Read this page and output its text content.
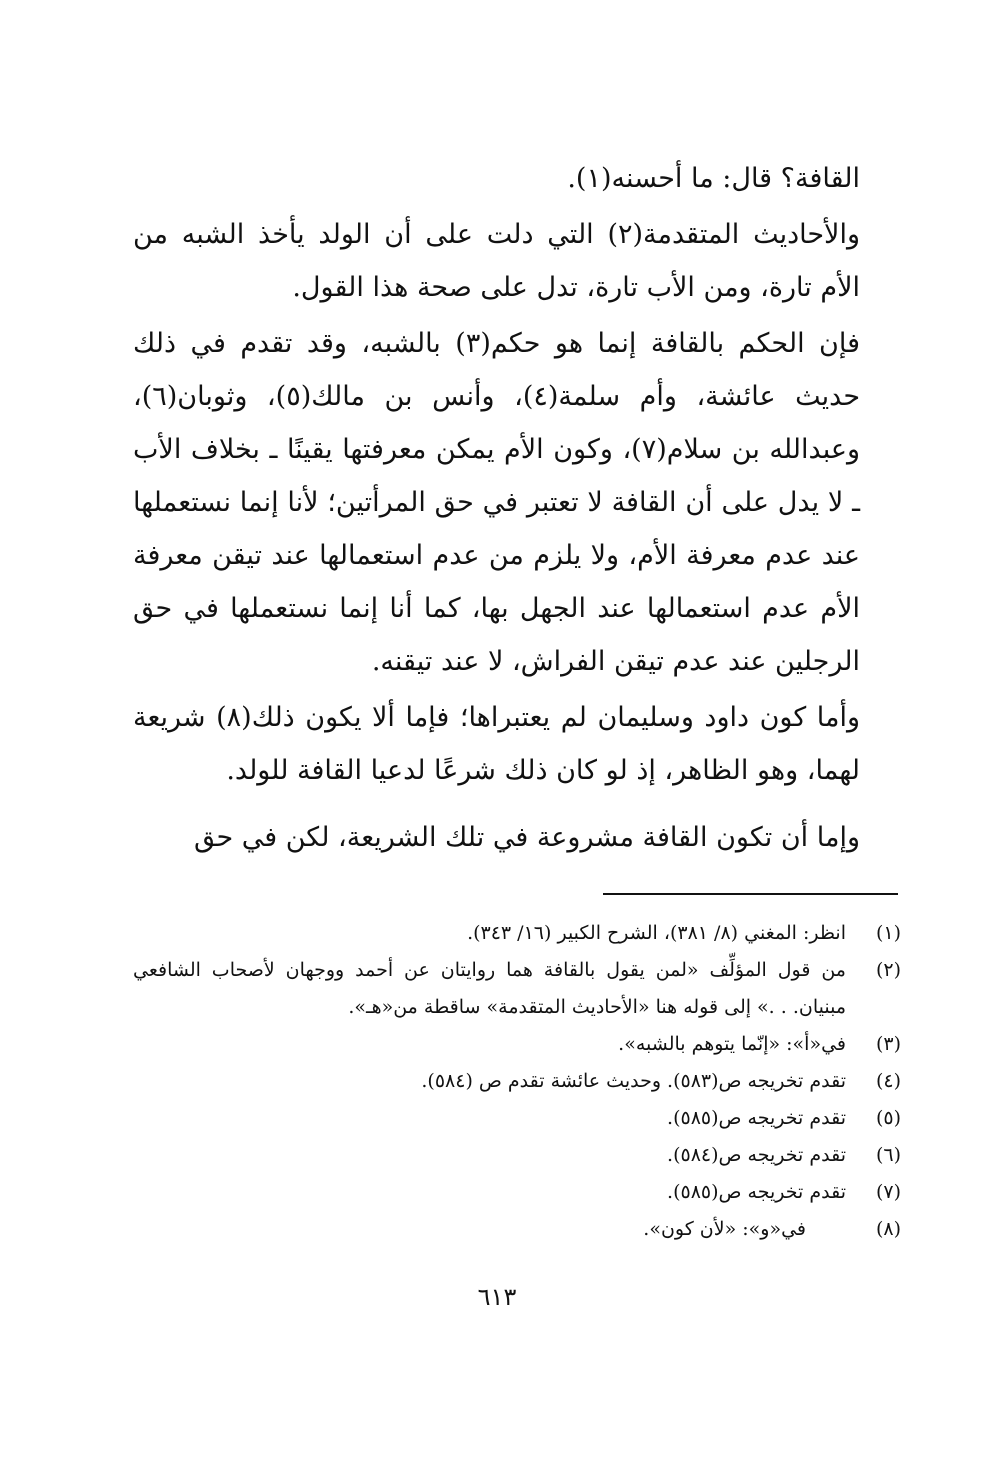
القافة؟ قال: ما أحسنه(١).

والأحاديث المتقدمة(٢) التي دلت على أن الولد يأخذ الشبه من الأم تارة، ومن الأب تارة، تدل على صحة هذا القول.

فإن الحكم بالقافة إنما هو حكم(٣) بالشبه، وقد تقدم في ذلك حديث عائشة، وأم سلمة(٤)، وأنس بن مالك(٥)، وثوبان(٦)، وعبدالله بن سلام(٧)، وكون الأم يمكن معرفتها يقينًا ـ بخلاف الأب ـ لا يدل على أن القافة لا تعتبر في حق المرأتين؛ لأنا إنما نستعملها عند عدم معرفة الأم، ولا يلزم من عدم استعمالها عند تيقن معرفة الأم عدم استعمالها عند الجهل بها، كما أنا إنما نستعملها في حق الرجلين عند عدم تيقن الفراش، لا عند تيقنه.

وأما كون داود وسليمان لم يعتبراها؛ فإما ألا يكون ذلك(٨) شريعة لهما، وهو الظاهر، إذ لو كان ذلك شرعًا لدعيا القافة للولد.

وإما أن تكون القافة مشروعة في تلك الشريعة، لكن في حق

(١)
انظر: المغني (٨/ ٣٨١)، الشرح الكبير (١٦/ ٣٤٣).
(٢)
من قول المؤلِّف «لمن يقول بالقافة هما روايتان عن أحمد ووجهان لأصحاب الشافعي مبنيان. . .» إلى قوله هنا «الأحاديث المتقدمة» ساقطة من«هـ».
(٣)
في«أ»: «إنّما يتوهم بالشبه».
(٤)
تقدم تخريجه ص(٥٨٣). وحديث عائشة تقدم ص (٥٨٤).
(٥)
تقدم تخريجه ص(٥٨٥).
(٦)
تقدم تخريجه ص(٥٨٤).
(٧)
تقدم تخريجه ص(٥٨٥).
(٨)
في«و»: «لأن كون».
٦١٣
